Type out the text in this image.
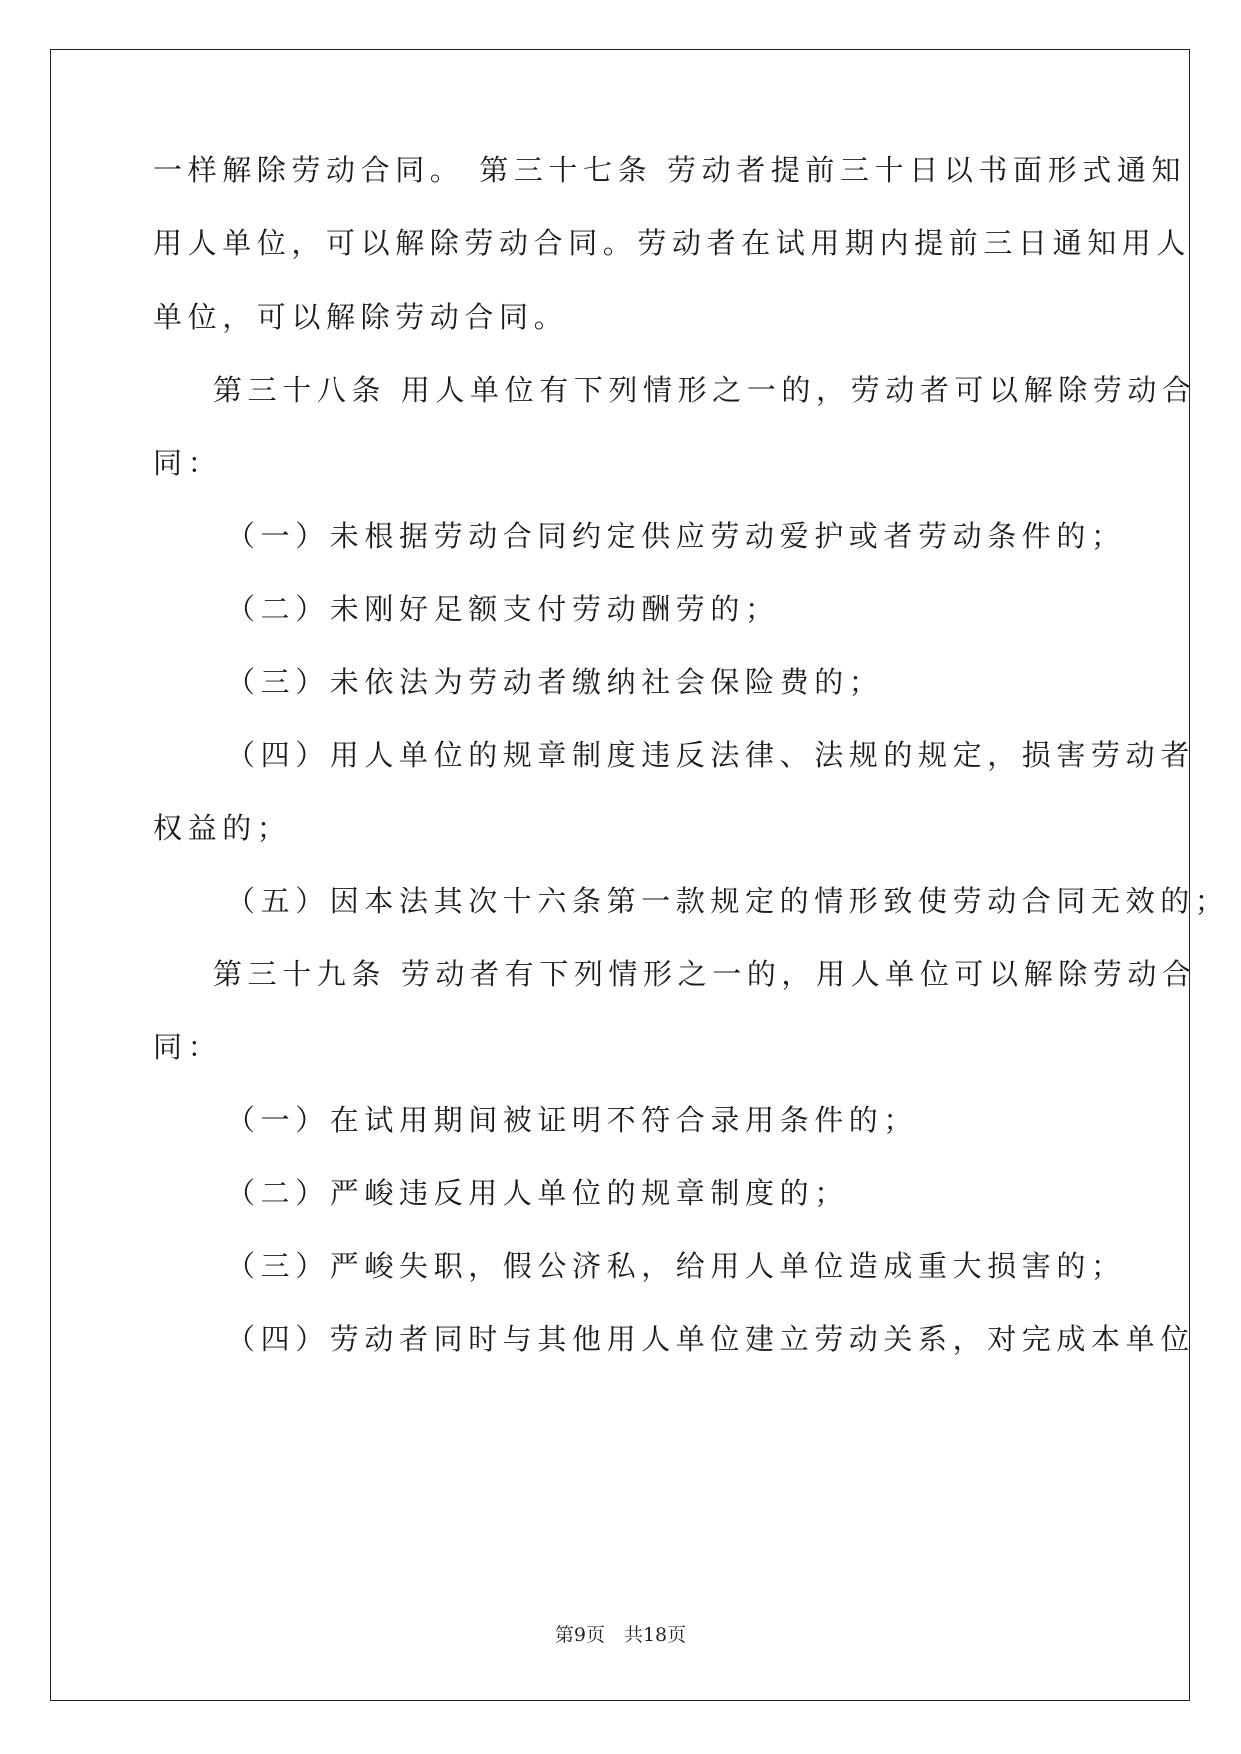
一样解除劳动合同。 第三十七条 劳动者提前三十日以书面形式通知
用人单位，可以解除劳动合同。劳动者在试用期内提前三日通知用人
单位，可以解除劳动合同。
第三十八条 用人单位有下列情形之一的，劳动者可以解除劳动合
同：
（一）未根据劳动合同约定供应劳动爱护或者劳动条件的；
（二）未刚好足额支付劳动酬劳的；
（三）未依法为劳动者缴纳社会保险费的；
（四）用人单位的规章制度违反法律、法规的规定，损害劳动者
权益的；
（五）因本法其次十六条第一款规定的情形致使劳动合同无效的；
第三十九条 劳动者有下列情形之一的，用人单位可以解除劳动合
同：
（一）在试用期间被证明不符合录用条件的；
（二）严峻违反用人单位的规章制度的；
（三）严峻失职，假公济私，给用人单位造成重大损害的；
（四）劳动者同时与其他用人单位建立劳动关系，对完成本单位
第9页　共18页
